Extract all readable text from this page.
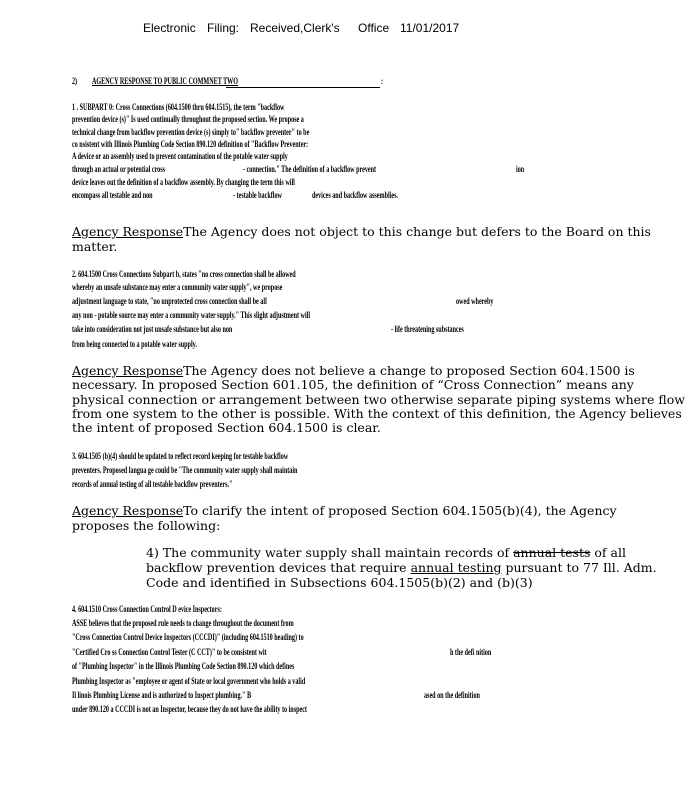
Electronic Filing: Received,Clerk's Office 11/01/2017
2) AGENCY RESPONSE TO PUBLIC COMMNET TWO	:
1 . SUBPART 0: Cross Connections (604.1500 thru 604.1515), the term "backflow
prevention device (s)" Is used continually throughout the proposed section. We propose a
technical change from backflow prevention device (s) simply to" backflow preventer" to be
co nsistent with Illinois Plumbing Code Section 890.120 definition of "Backflow Preventer:
A device or an assembly used to prevent contamination of the potable water supply
through an actual or potential cross	- connection." The definition of a backflow prevent	ion
device leaves out the definition of a backflow assembly. By changing the term this will
encompass all testable and non	- testable backflow	devices and backflow assemblies.
Agency ResponseThe Agency does not object to this change but defers to the Board on this
matter.
2. 604.1500 Cross Connections Subpart b, states "no cross connection shall be allowed
whereby an unsafe substance may enter a community water supply", we propose
adjustment language to state, "no unprotected cross connection shall be all	owed whereby
any non - potable source may enter a community water supply." This slight adjustment will
take into consideration not just unsafe substance but also non	- life threatening substances
from being connected to a potable water supply.
Agency ResponseThe Agency does not believe a change to proposed Section 604.1500 is
necessary. In proposed Section 601.105, the definition of “Cross Connection” means any
physical connection or arrangement between two otherwise separate piping systems where flow
from one system to the other is possible. With the context of this definition, the Agency believes
the intent of proposed Section 604.1500 is clear.
3. 604.1505 (b)(4) should be updated to reflect record keeping for testable backflow
preventers. Proposed langua ge could be "The community water supply shall maintain
records of annual testing of all testable backflow preventers."
Agency ResponseTo clarify the intent of proposed Section 604.1505(b)(4), the Agency
proposes the following:
4) The community water supply shall maintain records of annual tests of all
backflow prevention devices that require annual testing pursuant to 77 Ill. Adm.
Code and identified in Subsections 604.1505(b)(2) and (b)(3)
4. 604.1510 Cross Connection Control D evice Inspectors:
ASSE believes that the proposed rule needs to change throughout the document from
"Cross Connection Control Device Inspectors (CCCDI)" (including 604.1510 heading) to
"Certified Cro ss Connection Control Tester (C CCT)" to be consistent wit	h the defi nition
of "Plumbing Inspector" in the Illinois Plumbing Code Section 890.120 which defines
Plumbing Inspector as "employee or agent of State or local government who holds a valid
Il linois Plumbing License and is authorized to Inspect plumbing." B	ased on the definition
under 890.120 a CCCDI is not an Inspector, because they do not have the ability to inspect
